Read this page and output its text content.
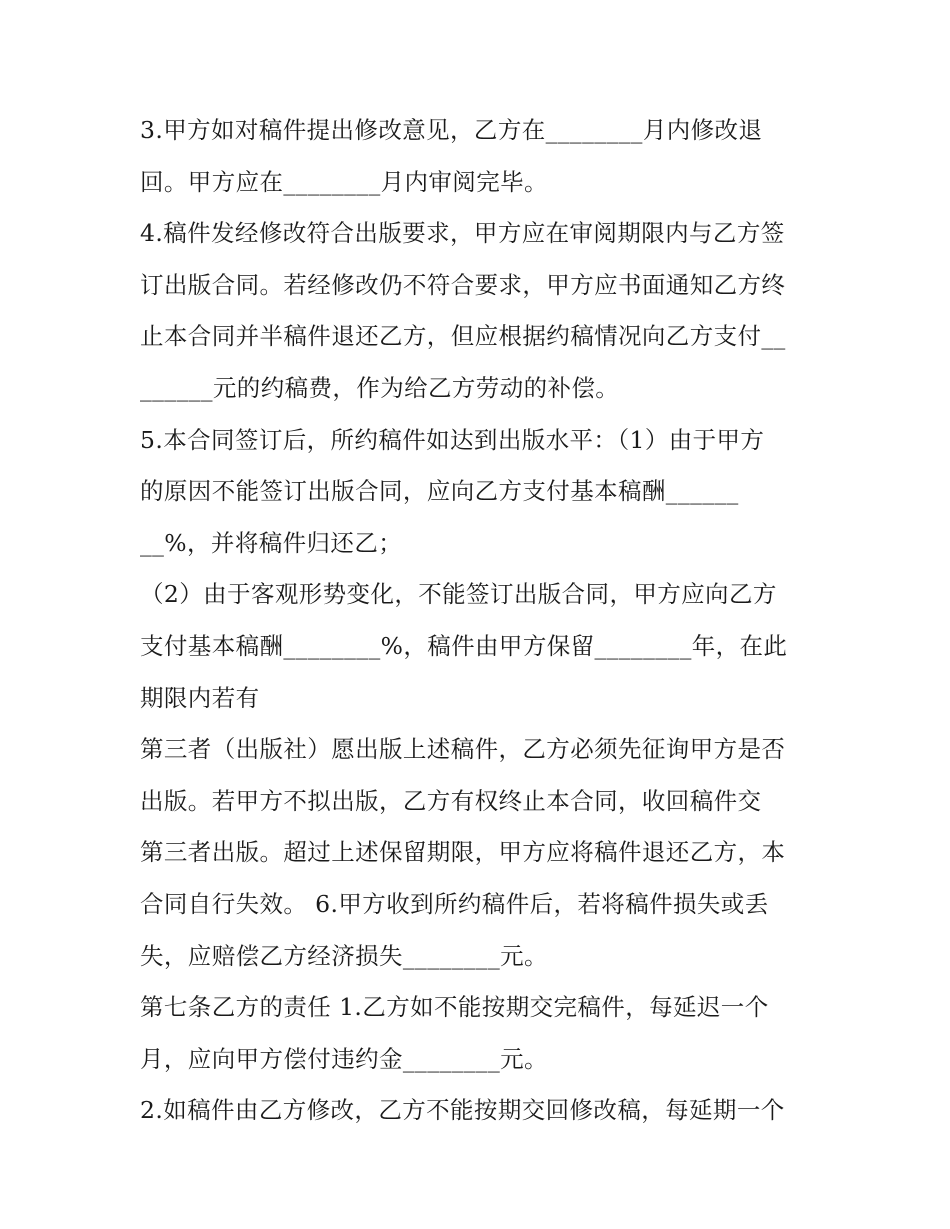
3.甲方如对稿件提出修改意见，乙方在________月内修改退
回。甲方应在________月内审阅完毕。
4.稿件发经修改符合出版要求，甲方应在审阅期限内与乙方签
订出版合同。若经修改仍不符合要求，甲方应书面通知乙方终
止本合同并半稿件退还乙方，但应根据约稿情况向乙方支付__
______元的约稿费，作为给乙方劳动的补偿。
5.本合同签订后，所约稿件如达到出版水平：（1）由于甲方
的原因不能签订出版合同，应向乙方支付基本稿酬______
__%，并将稿件归还乙；
（2）由于客观形势变化，不能签订出版合同，甲方应向乙方
支付基本稿酬________%，稿件由甲方保留________年，在此
期限内若有
第三者（出版社）愿出版上述稿件，乙方必须先征询甲方是否
出版。若甲方不拟出版，乙方有权终止本合同，收回稿件交
第三者出版。超过上述保留期限，甲方应将稿件退还乙方，本
合同自行失效。 6.甲方收到所约稿件后，若将稿件损失或丢
失，应赔偿乙方经济损失________元。
第七条乙方的责任 1.乙方如不能按期交完稿件，每延迟一个
月，应向甲方偿付违约金________元。
2.如稿件由乙方修改，乙方不能按期交回修改稿，每延期一个
